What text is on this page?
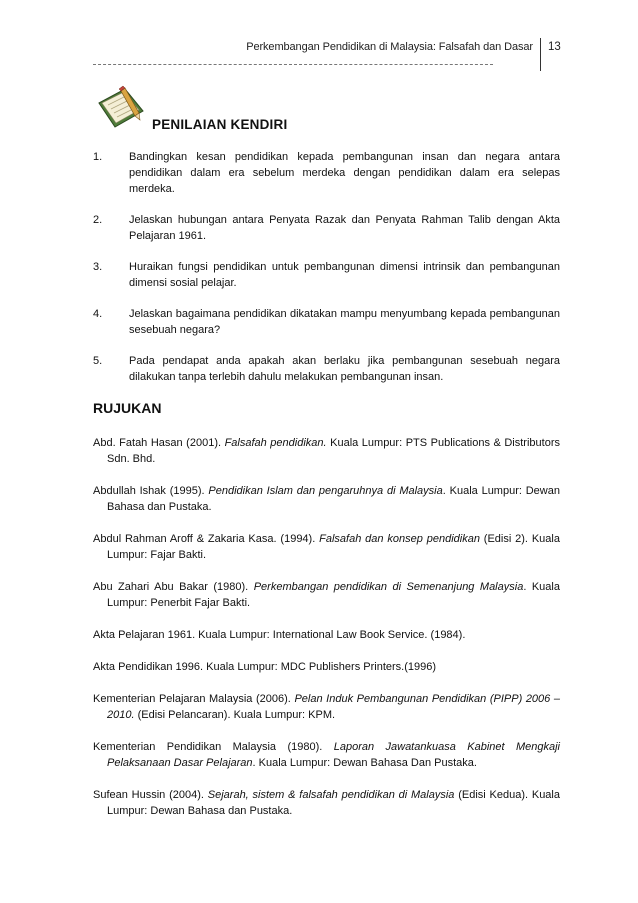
Perkembangan Pendidikan di Malaysia: Falsafah dan Dasar 13
PENILAIAN KENDIRI
1.	Bandingkan kesan pendidikan kepada pembangunan insan dan negara antara pendidikan dalam era sebelum merdeka dengan pendidikan dalam era selepas merdeka.
2.	Jelaskan hubungan antara Penyata Razak dan Penyata Rahman Talib dengan Akta Pelajaran 1961.
3.	Huraikan fungsi pendidikan untuk pembangunan dimensi intrinsik dan pembangunan dimensi sosial pelajar.
4.	Jelaskan bagaimana pendidikan dikatakan mampu menyumbang kepada pembangunan sesebuah negara?
5.	Pada pendapat anda apakah akan berlaku jika pembangunan sesebuah negara dilakukan tanpa terlebih dahulu melakukan pembangunan insan.
RUJUKAN
Abd. Fatah Hasan (2001). Falsafah pendidikan. Kuala Lumpur: PTS Publications & Distributors Sdn. Bhd.
Abdullah Ishak (1995). Pendidikan Islam dan pengaruhnya di Malaysia. Kuala Lumpur: Dewan Bahasa dan Pustaka.
Abdul Rahman Aroff & Zakaria Kasa. (1994). Falsafah dan konsep pendidikan (Edisi 2). Kuala Lumpur: Fajar Bakti.
Abu Zahari Abu Bakar (1980). Perkembangan pendidikan di Semenanjung Malaysia. Kuala Lumpur: Penerbit Fajar Bakti.
Akta Pelajaran 1961. Kuala Lumpur: International Law Book Service. (1984).
Akta Pendidikan 1996. Kuala Lumpur: MDC Publishers Printers.(1996)
Kementerian Pelajaran Malaysia (2006). Pelan Induk Pembangunan Pendidikan (PIPP) 2006 – 2010. (Edisi Pelancaran). Kuala Lumpur: KPM.
Kementerian Pendidikan Malaysia (1980). Laporan Jawatankuasa Kabinet Mengkaji Pelaksanaan Dasar Pelajaran. Kuala Lumpur: Dewan Bahasa Dan Pustaka.
Sufean Hussin (2004). Sejarah, sistem & falsafah pendidikan di Malaysia (Edisi Kedua). Kuala Lumpur: Dewan Bahasa dan Pustaka.
